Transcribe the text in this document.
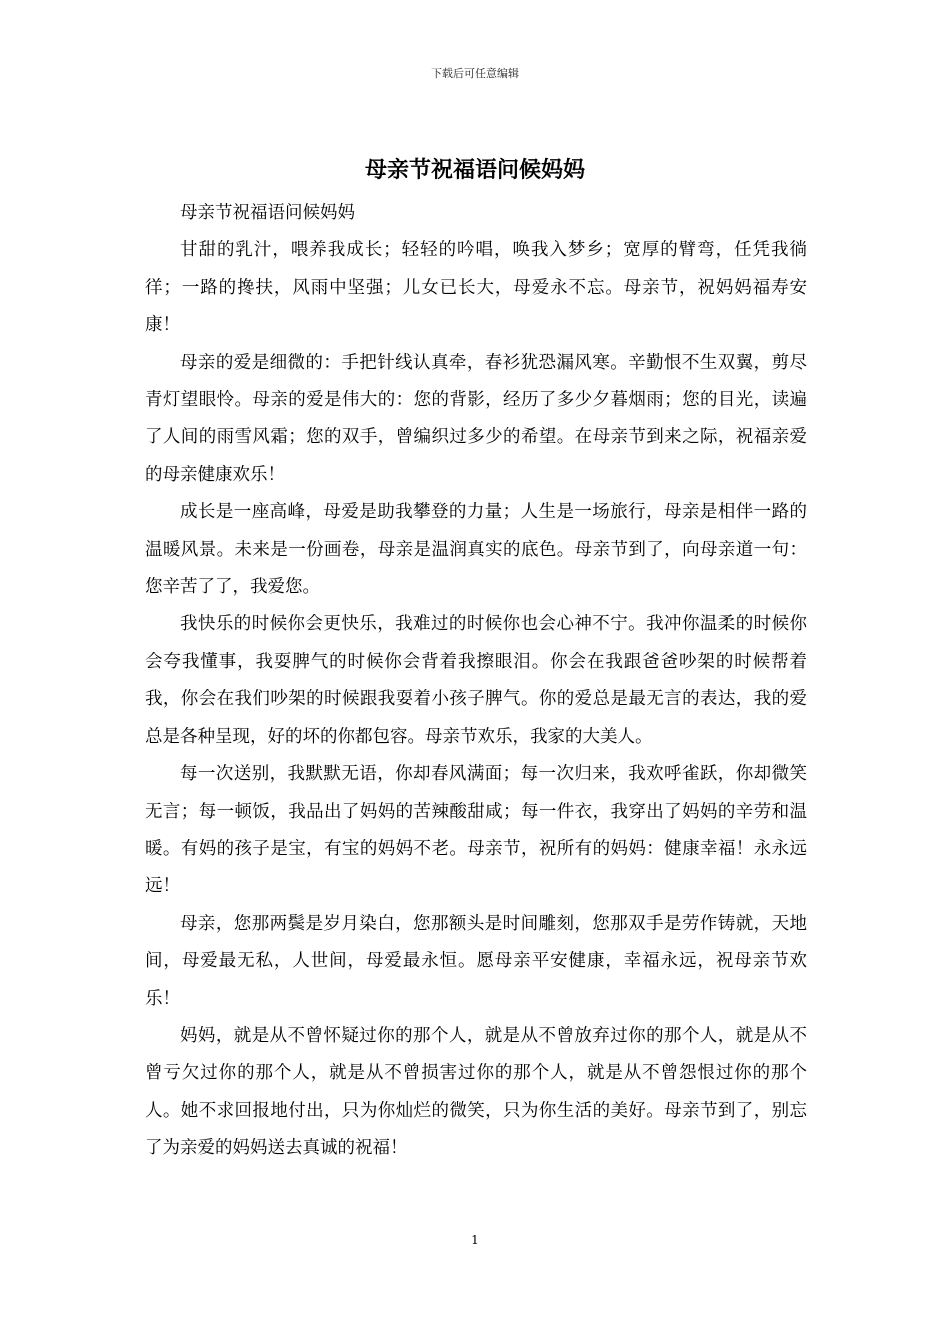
下载后可任意编辑
母亲节祝福语问候妈妈

母亲节祝福语问候妈妈

甘甜的乳汁，喂养我成长；轻轻的吟唱，唤我入梦乡；宽厚的臂弯，任凭我徜徉；一路的搀扶，风雨中坚强；儿女已长大，母爱永不忘。母亲节，祝妈妈福寿安康！

母亲的爱是细微的：手把针线认真牵，春衫犹恐漏风寒。辛勤恨不生双翼，剪尽青灯望眼怜。母亲的爱是伟大的：您的背影，经历了多少夕暮烟雨；您的目光，读遍了人间的雨雪风霜；您的双手，曾编织过多少的希望。在母亲节到来之际，祝福亲爱的母亲健康欢乐！

成长是一座高峰，母爱是助我攀登的力量；人生是一场旅行，母亲是相伴一路的温暖风景。未来是一份画卷，母亲是温润真实的底色。母亲节到了，向母亲道一句：您辛苦了了，我爱您。

我快乐的时候你会更快乐，我难过的时候你也会心神不宁。我冲你温柔的时候你会夸我懂事，我耍脾气的时候你会背着我擦眼泪。你会在我跟爸爸吵架的时候帮着我，你会在我们吵架的时候跟我耍着小孩子脾气。你的爱总是最无言的表达，我的爱总是各种呈现，好的坏的你都包容。母亲节欢乐，我家的大美人。

每一次送别，我默默无语，你却春风满面；每一次归来，我欢呼雀跃，你却微笑无言；每一顿饭，我品出了妈妈的苦辣酸甜咸；每一件衣，我穿出了妈妈的辛劳和温暖。有妈的孩子是宝，有宝的妈妈不老。母亲节，祝所有的妈妈：健康幸福！永永远远！

母亲，您那两鬓是岁月染白，您那额头是时间雕刻，您那双手是劳作铸就，天地间，母爱最无私，人世间，母爱最永恒。愿母亲平安健康，幸福永远，祝母亲节欢乐！

妈妈，就是从不曾怀疑过你的那个人，就是从不曾放弃过你的那个人，就是从不曾亏欠过你的那个人，就是从不曾损害过你的那个人，就是从不曾怨恨过你的那个人。她不求回报地付出，只为你灿烂的微笑，只为你生活的美好。母亲节到了，别忘了为亲爱的妈妈送去真诚的祝福！

1
